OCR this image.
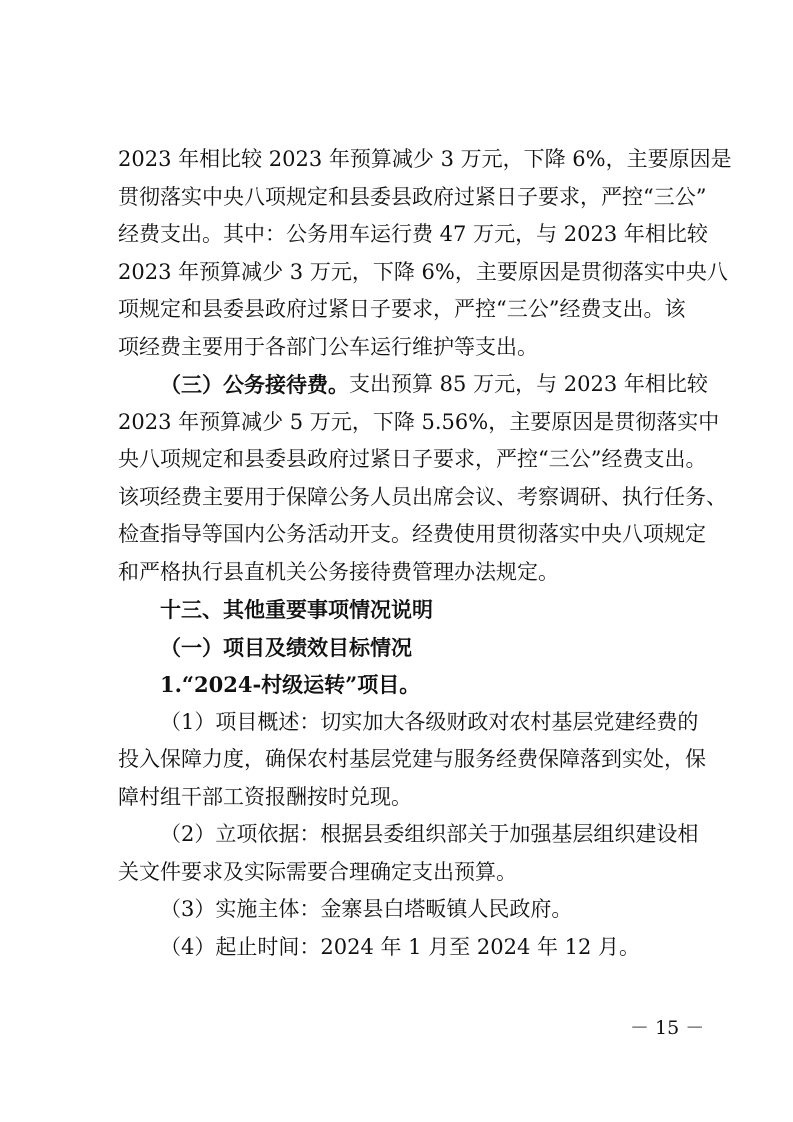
2023 年相比较 2023 年预算减少 3 万元，下降 6%，主要原因是
贯彻落实中央八项规定和县委县政府过紧日子要求，严控“三公”
经费支出。其中：公务用车运行费 47 万元，与 2023 年相比较
2023 年预算减少 3 万元，下降 6%，主要原因是贯彻落实中央八
项规定和县委县政府过紧日子要求，严控“三公”经费支出。该
项经费主要用于各部门公车运行维护等支出。
（三）公务接待费。 支出预算 85 万元，与 2023 年相比较
2023 年预算减少 5 万元，下降 5.56%，主要原因是贯彻落实中
央八项规定和县委县政府过紧日子要求，严控“三公”经费支出。
该项经费主要用于保障公务人员出席会议、考察调研、执行任务、
检查指导等国内公务活动开支。经费使用贯彻落实中央八项规定
和严格执行县直机关公务接待费管理办法规定。
十三、其他重要事项情况说明
（一）项目及绩效目标情况
1.“2024-村级运转”项目。
（1）项目概述：切实加大各级财政对农村基层党建经费的
投入保障力度，确保农村基层党建与服务经费保障落到实处，保
障村组干部工资报酬按时兑现。
（2）立项依据：根据县委组织部关于加强基层组织建设相
关文件要求及实际需要合理确定支出预算。
（3）实施主体：金寨县白塔畈镇人民政府。
（4）起止时间：2024 年 1 月至 2024 年 12 月。
－ 15 －
